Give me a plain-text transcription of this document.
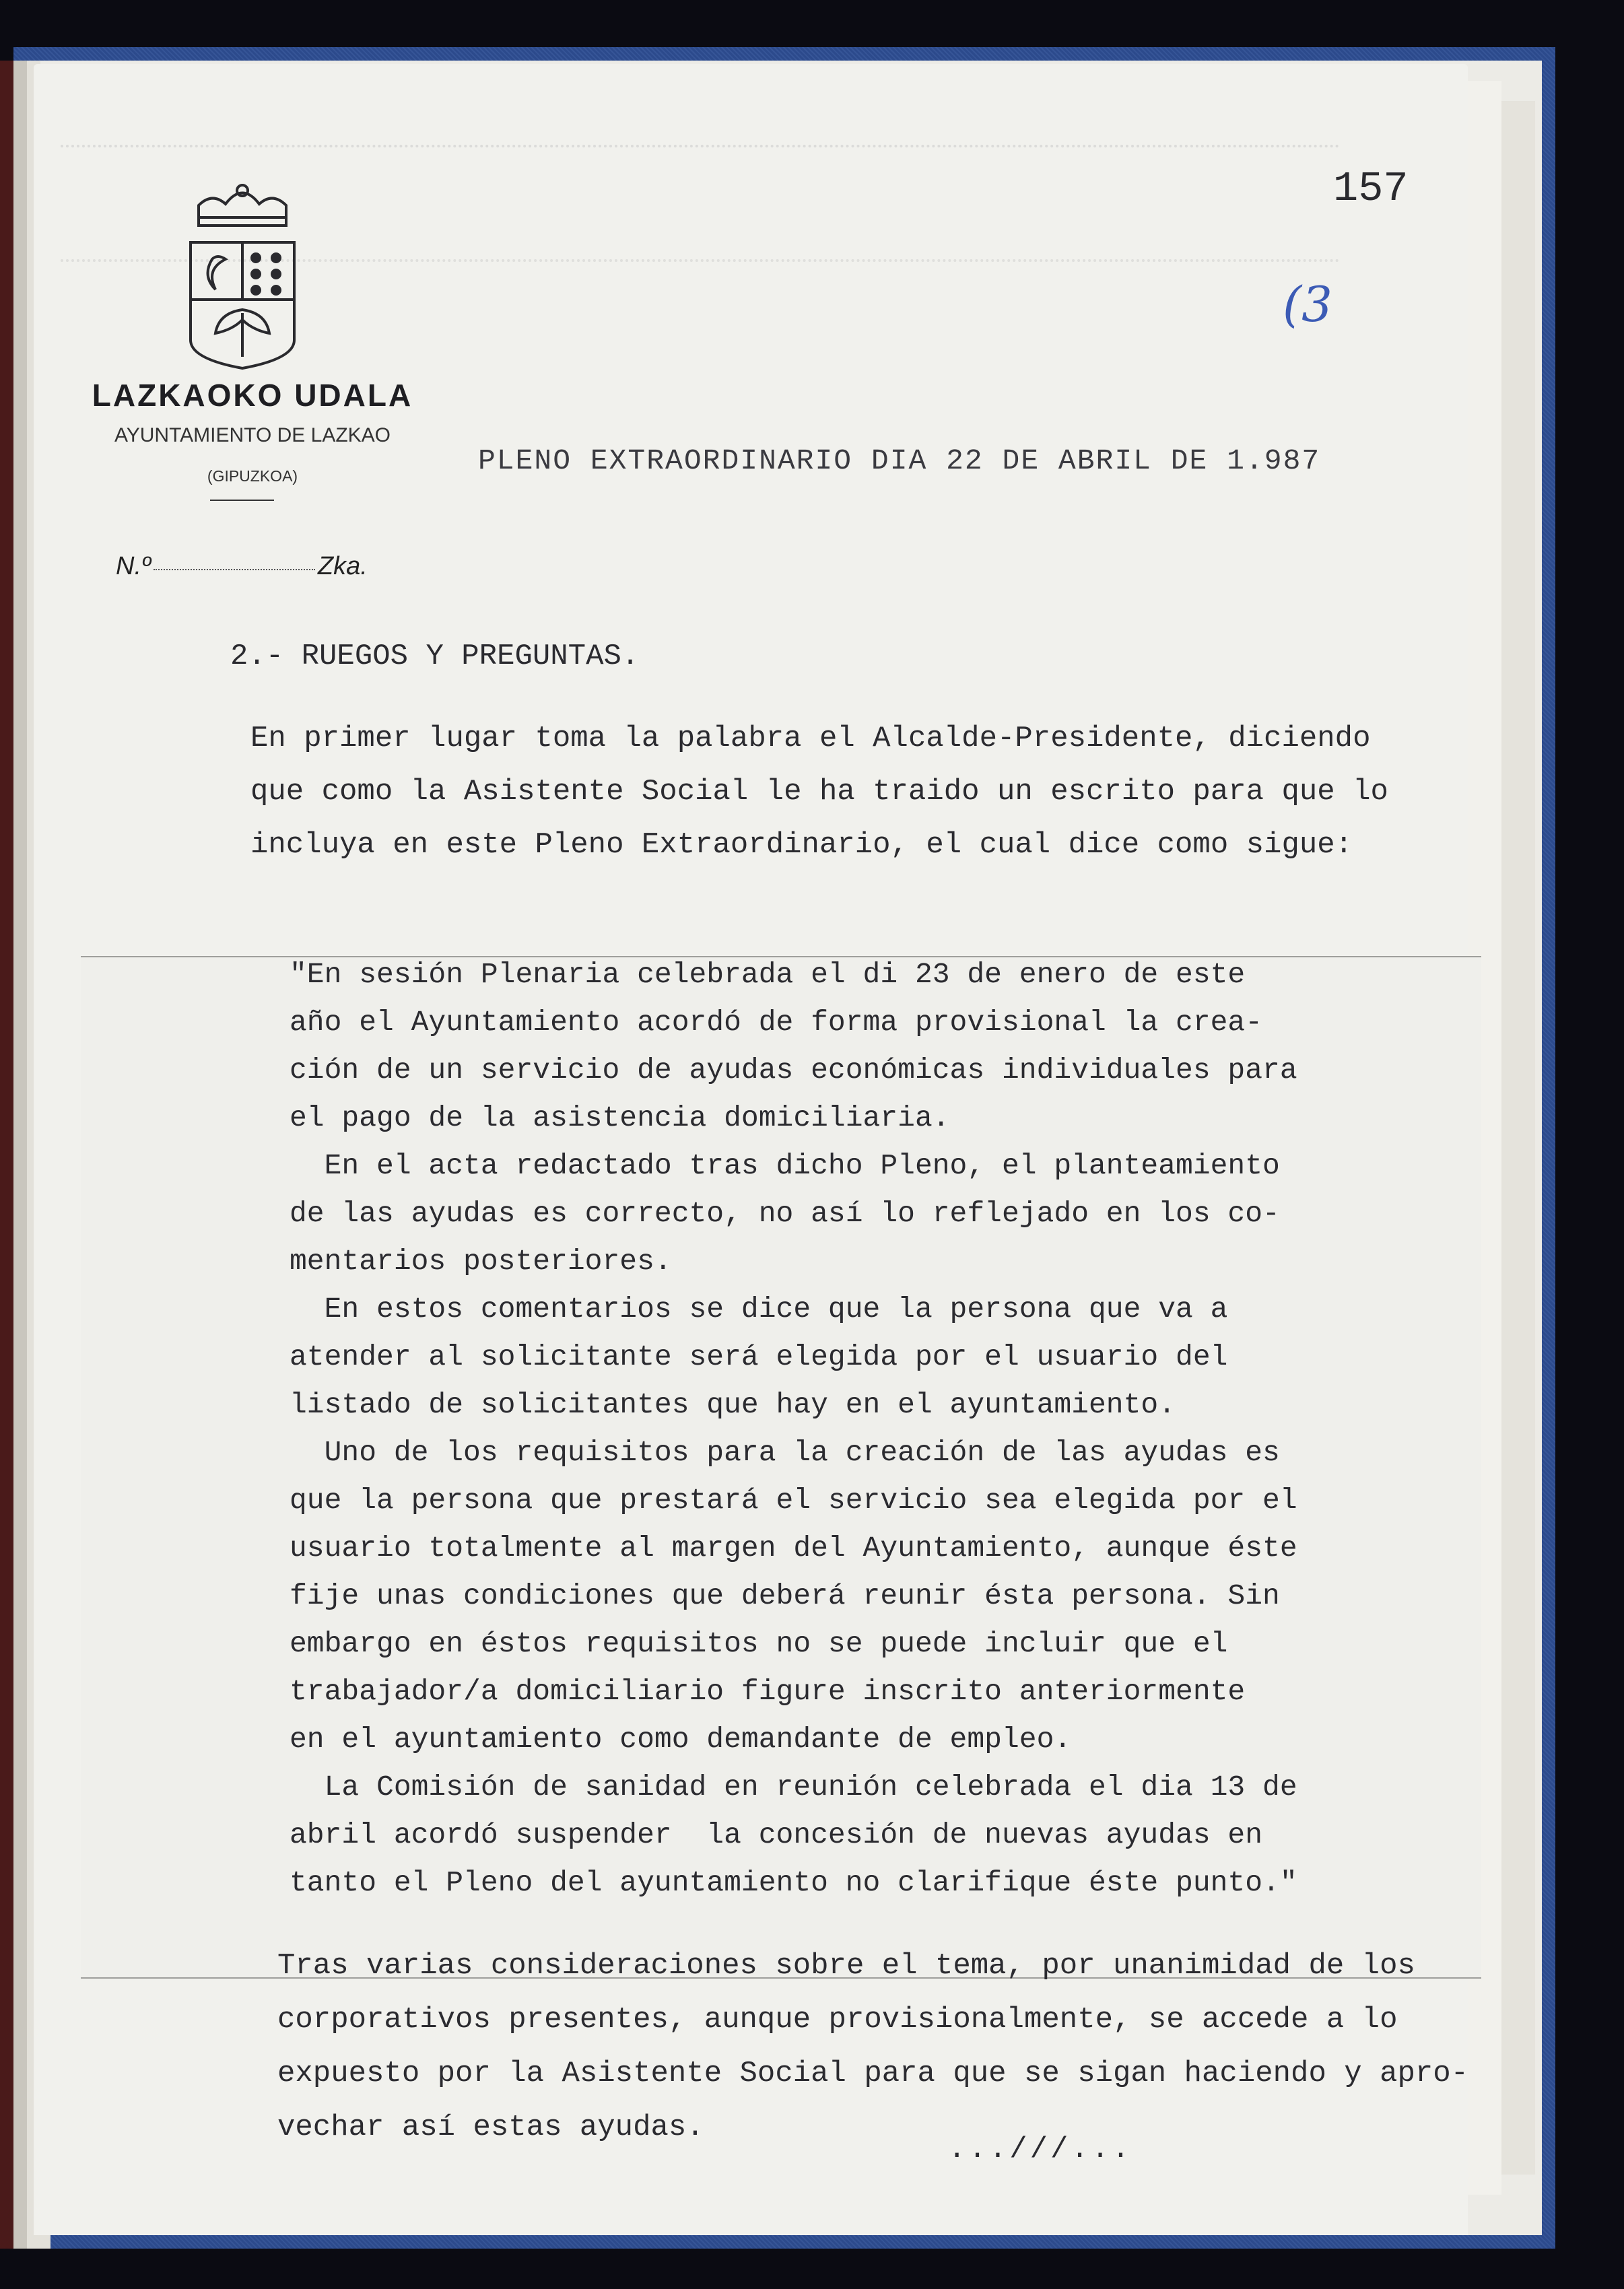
157
(3
LAZKAOKO UDALA
AYUNTAMIENTO DE LAZKAO
(GIPUZKOA)
N.º	Zka.
PLENO EXTRAORDINARIO DIA 22 DE ABRIL DE 1.987
2.- RUEGOS Y PREGUNTAS.
En primer lugar toma la palabra el Alcalde-Presidente, diciendo
que como la Asistente Social le ha traido un escrito para que lo
incluya en este Pleno Extraordinario, el cual dice como sigue:
"En sesión Plenaria celebrada el di 23 de enero de este
año el Ayuntamiento acordó de forma provisional la crea-
ción de un servicio de ayudas económicas individuales para
el pago de la asistencia domiciliaria.
En el acta redactado tras dicho Pleno, el planteamiento
de las ayudas es correcto, no así lo reflejado en los co-
mentarios posteriores.
En estos comentarios se dice que la persona que va a
atender al solicitante será elegida por el usuario del
listado de solicitantes que hay en el ayuntamiento.
Uno de los requisitos para la creación de las ayudas es
que la persona que prestará el servicio sea elegida por el
usuario totalmente al margen del Ayuntamiento, aunque éste
fije unas condiciones que deberá reunir ésta persona. Sin
embargo en éstos requisitos no se puede incluir que el
trabajador/a domiciliario figure inscrito anteriormente
en el ayuntamiento como demandante de empleo.
La Comisión de sanidad en reunión celebrada el dia 13 de
abril acordó suspender  la concesión de nuevas ayudas en
tanto el Pleno del ayuntamiento no clarifique éste punto."
Tras varias consideraciones sobre el tema, por unanimidad de los
corporativos presentes, aunque provisionalmente, se accede a lo
expuesto por la Asistente Social para que se sigan haciendo y apro-
vechar así estas ayudas.
...///...
